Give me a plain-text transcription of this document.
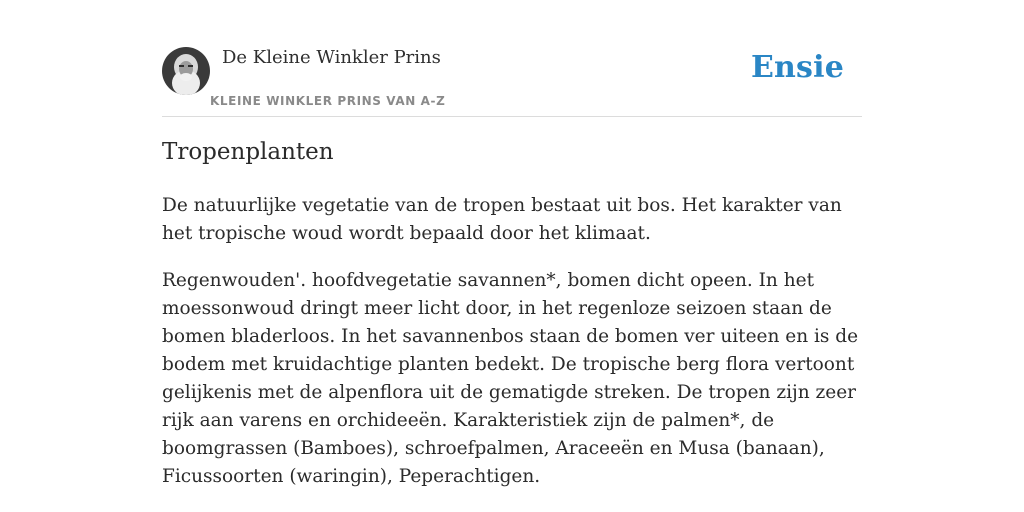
De Kleine Winkler Prins
KLEINE WINKLER PRINS VAN A-Z
Ensie
Tropenplanten

De natuurlijke vegetatie van de tropen bestaat uit bos. Het karakter van het tropische woud wordt bepaald door het klimaat.

Regenwouden'. hoofdvegetatie savannen*, bomen dicht opeen. In het moessonwoud dringt meer licht door, in het regenloze seizoen staan de bomen bladerloos. In het savannenbos staan de bomen ver uiteen en is de bodem met kruidachtige planten bedekt. De tropische berg flora vertoont gelijkenis met de alpenflora uit de gematigde streken. De tropen zijn zeer rijk aan varens en orchideeën. Karakteristiek zijn de palmen*, de boomgrassen (Bamboes), schroefpalmen, Araceeën en Musa (banaan), Ficussoorten (waringin), Peperachtigen.
